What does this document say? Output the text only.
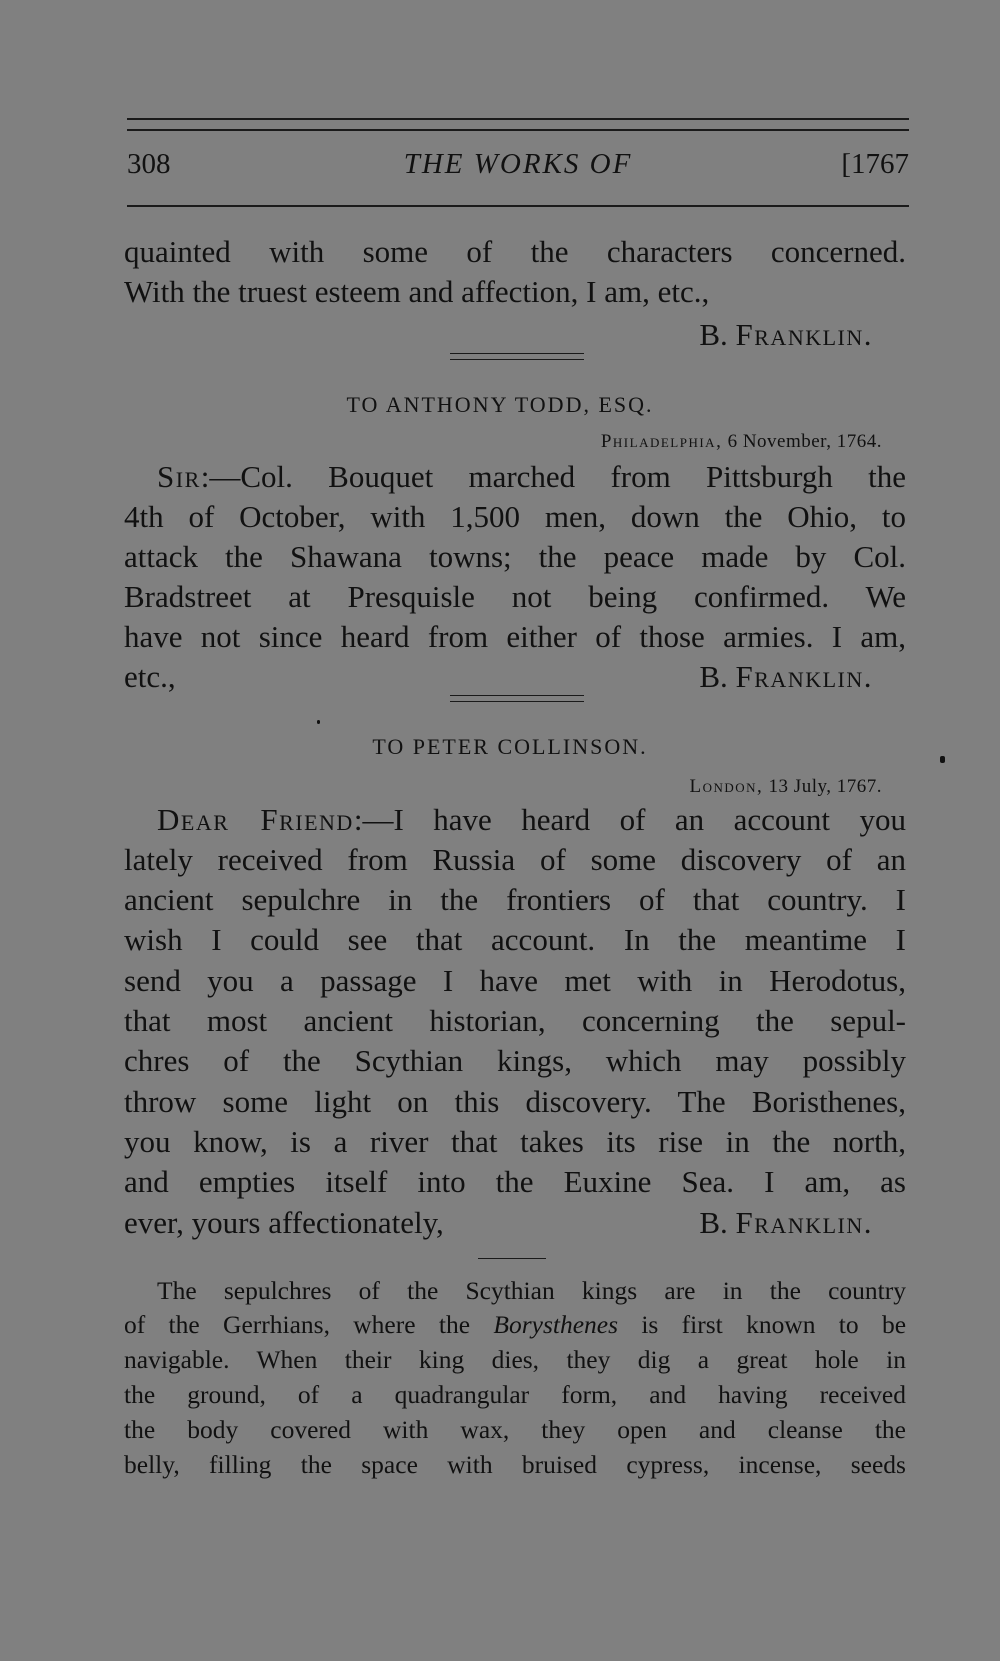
308	THE WORKS OF	[1767
quainted with some of the characters concerned.
With the truest esteem and affection, I am, etc.,
B. Franklin.
TO ANTHONY TODD, ESQ.
Philadelphia, 6 November, 1764.
Sir:—Col. Bouquet marched from Pittsburgh the
4th of October, with 1,500 men, down the Ohio, to
attack the Shawana towns; the peace made by Col.
Bradstreet at Presquisle not being confirmed. We
have not since heard from either of those armies. I am,
etc.,	B. Franklin.
TO PETER COLLINSON.
London, 13 July, 1767.
Dear Friend:—I have heard of an account you
lately received from Russia of some discovery of an
ancient sepulchre in the frontiers of that country. I
wish I could see that account. In the meantime I
send you a passage I have met with in Herodotus,
that most ancient historian, concerning the sepul-
chres of the Scythian kings, which may possibly
throw some light on this discovery. The Boristhenes,
you know, is a river that takes its rise in the north,
and empties itself into the Euxine Sea. I am, as
ever, yours affectionately,	B. Franklin.
The sepulchres of the Scythian kings are in the country
of the Gerrhians, where the Borysthenes is first known to be
navigable. When their king dies, they dig a great hole in
the ground, of a quadrangular form, and having received
the body covered with wax, they open and cleanse the
belly, filling the space with bruised cypress, incense, seeds
